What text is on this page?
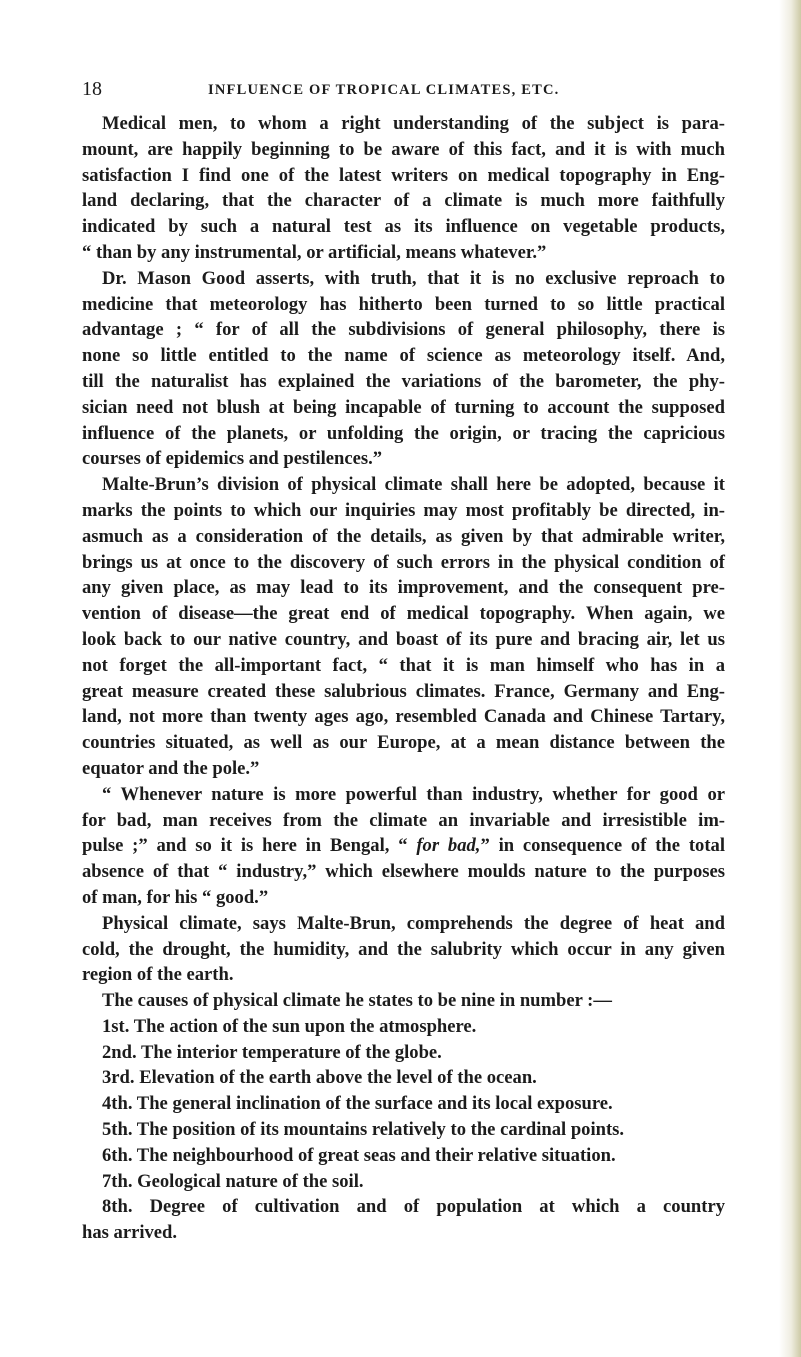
18	INFLUENCE OF TROPICAL CLIMATES, ETC.
Medical men, to whom a right understanding of the subject is para-
mount, are happily beginning to be aware of this fact, and it is with much
satisfaction I find one of the latest writers on medical topography in Eng-
land declaring, that the character of a climate is much more faithfully
indicated by such a natural test as its influence on vegetable products,
“ than by any instrumental, or artificial, means whatever.”
Dr. Mason Good asserts, with truth, that it is no exclusive reproach to
medicine that meteorology has hitherto been turned to so little practical
advantage ; “ for of all the subdivisions of general philosophy, there is
none so little entitled to the name of science as meteorology itself. And,
till the naturalist has explained the variations of the barometer, the phy-
sician need not blush at being incapable of turning to account the supposed
influence of the planets, or unfolding the origin, or tracing the capricious
courses of epidemics and pestilences.”
Malte-Brun’s division of physical climate shall here be adopted, because it
marks the points to which our inquiries may most profitably be directed, in-
asmuch as a consideration of the details, as given by that admirable writer,
brings us at once to the discovery of such errors in the physical condition of
any given place, as may lead to its improvement, and the consequent pre-
vention of disease—the great end of medical topography. When again, we
look back to our native country, and boast of its pure and bracing air, let us
not forget the all-important fact, “ that it is man himself who has in a
great measure created these salubrious climates. France, Germany and Eng-
land, not more than twenty ages ago, resembled Canada and Chinese Tartary,
countries situated, as well as our Europe, at a mean distance between the
equator and the pole.”
“ Whenever nature is more powerful than industry, whether for good or
for bad, man receives from the climate an invariable and irresistible im-
pulse ;” and so it is here in Bengal, “ for bad,” in consequence of the total
absence of that “ industry,” which elsewhere moulds nature to the purposes
of man, for his “ good.”
Physical climate, says Malte-Brun, comprehends the degree of heat and
cold, the drought, the humidity, and the salubrity which occur in any given
region of the earth.
The causes of physical climate he states to be nine in number :—
1st. The action of the sun upon the atmosphere.
2nd. The interior temperature of the globe.
3rd. Elevation of the earth above the level of the ocean.
4th. The general inclination of the surface and its local exposure.
5th. The position of its mountains relatively to the cardinal points.
6th. The neighbourhood of great seas and their relative situation.
7th. Geological nature of the soil.
8th. Degree of cultivation and of population at which a country
has arrived.
